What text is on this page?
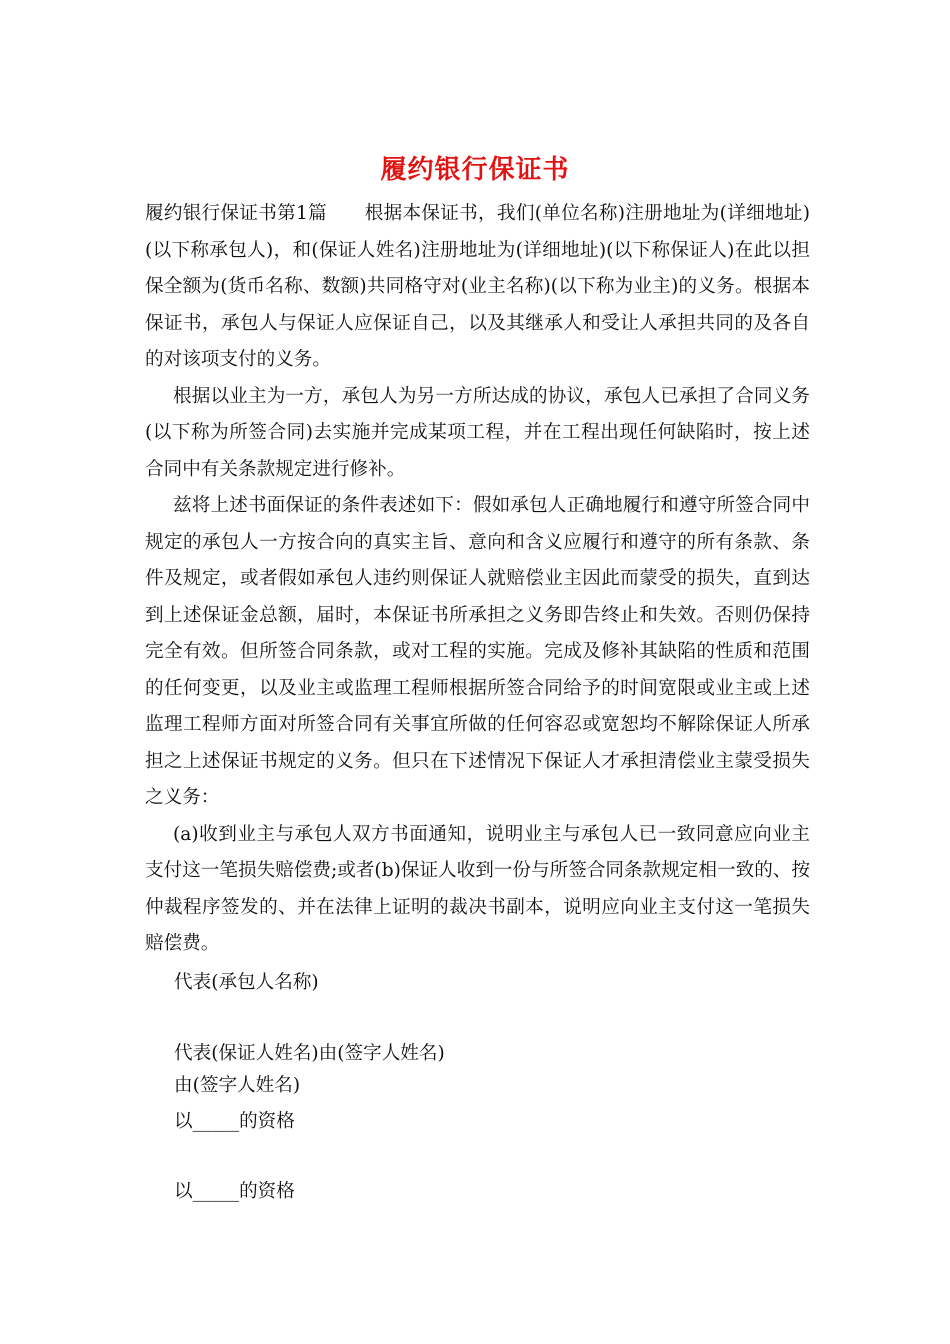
履约银行保证书

履约银行保证书第1篇　　根据本保证书，我们(单位名称)注册地址为(详细地址)(以下称承包人)，和(保证人姓名)注册地址为(详细地址)(以下称保证人)在此以担保全额为(货币名称、数额)共同格守对(业主名称)(以下称为业主)的义务。根据本保证书，承包人与保证人应保证自己，以及其继承人和受让人承担共同的及各自的对该项支付的义务。

根据以业主为一方，承包人为另一方所达成的协议，承包人已承担了合同义务(以下称为所签合同)去实施并完成某项工程，并在工程出现任何缺陷时，按上述合同中有关条款规定进行修补。

兹将上述书面保证的条件表述如下：假如承包人正确地履行和遵守所签合同中规定的承包人一方按合向的真实主旨、意向和含义应履行和遵守的所有条款、条件及规定，或者假如承包人违约则保证人就赔偿业主因此而蒙受的损失，直到达到上述保证金总额，届时，本保证书所承担之义务即告终止和失效。否则仍保持完全有效。但所签合同条款，或对工程的实施。完成及修补其缺陷的性质和范围的任何变更，以及业主或监理工程师根据所签合同给予的时间宽限或业主或上述监理工程师方面对所签合同有关事宜所做的任何容忍或宽恕均不解除保证人所承担之上述保证书规定的义务。但只在下述情况下保证人才承担清偿业主蒙受损失之义务：

(a)收到业主与承包人双方书面通知，说明业主与承包人已一致同意应向业主支付这一笔损失赔偿费;或者(b)保证人收到一份与所签合同条款规定相一致的、按仲裁程序签发的、并在法律上证明的裁决书副本，说明应向业主支付这一笔损失赔偿费。

代表(承包人名称)
代表(保证人姓名)由(签字人姓名)
由(签字人姓名)
以_____的资格
以_____的资格
